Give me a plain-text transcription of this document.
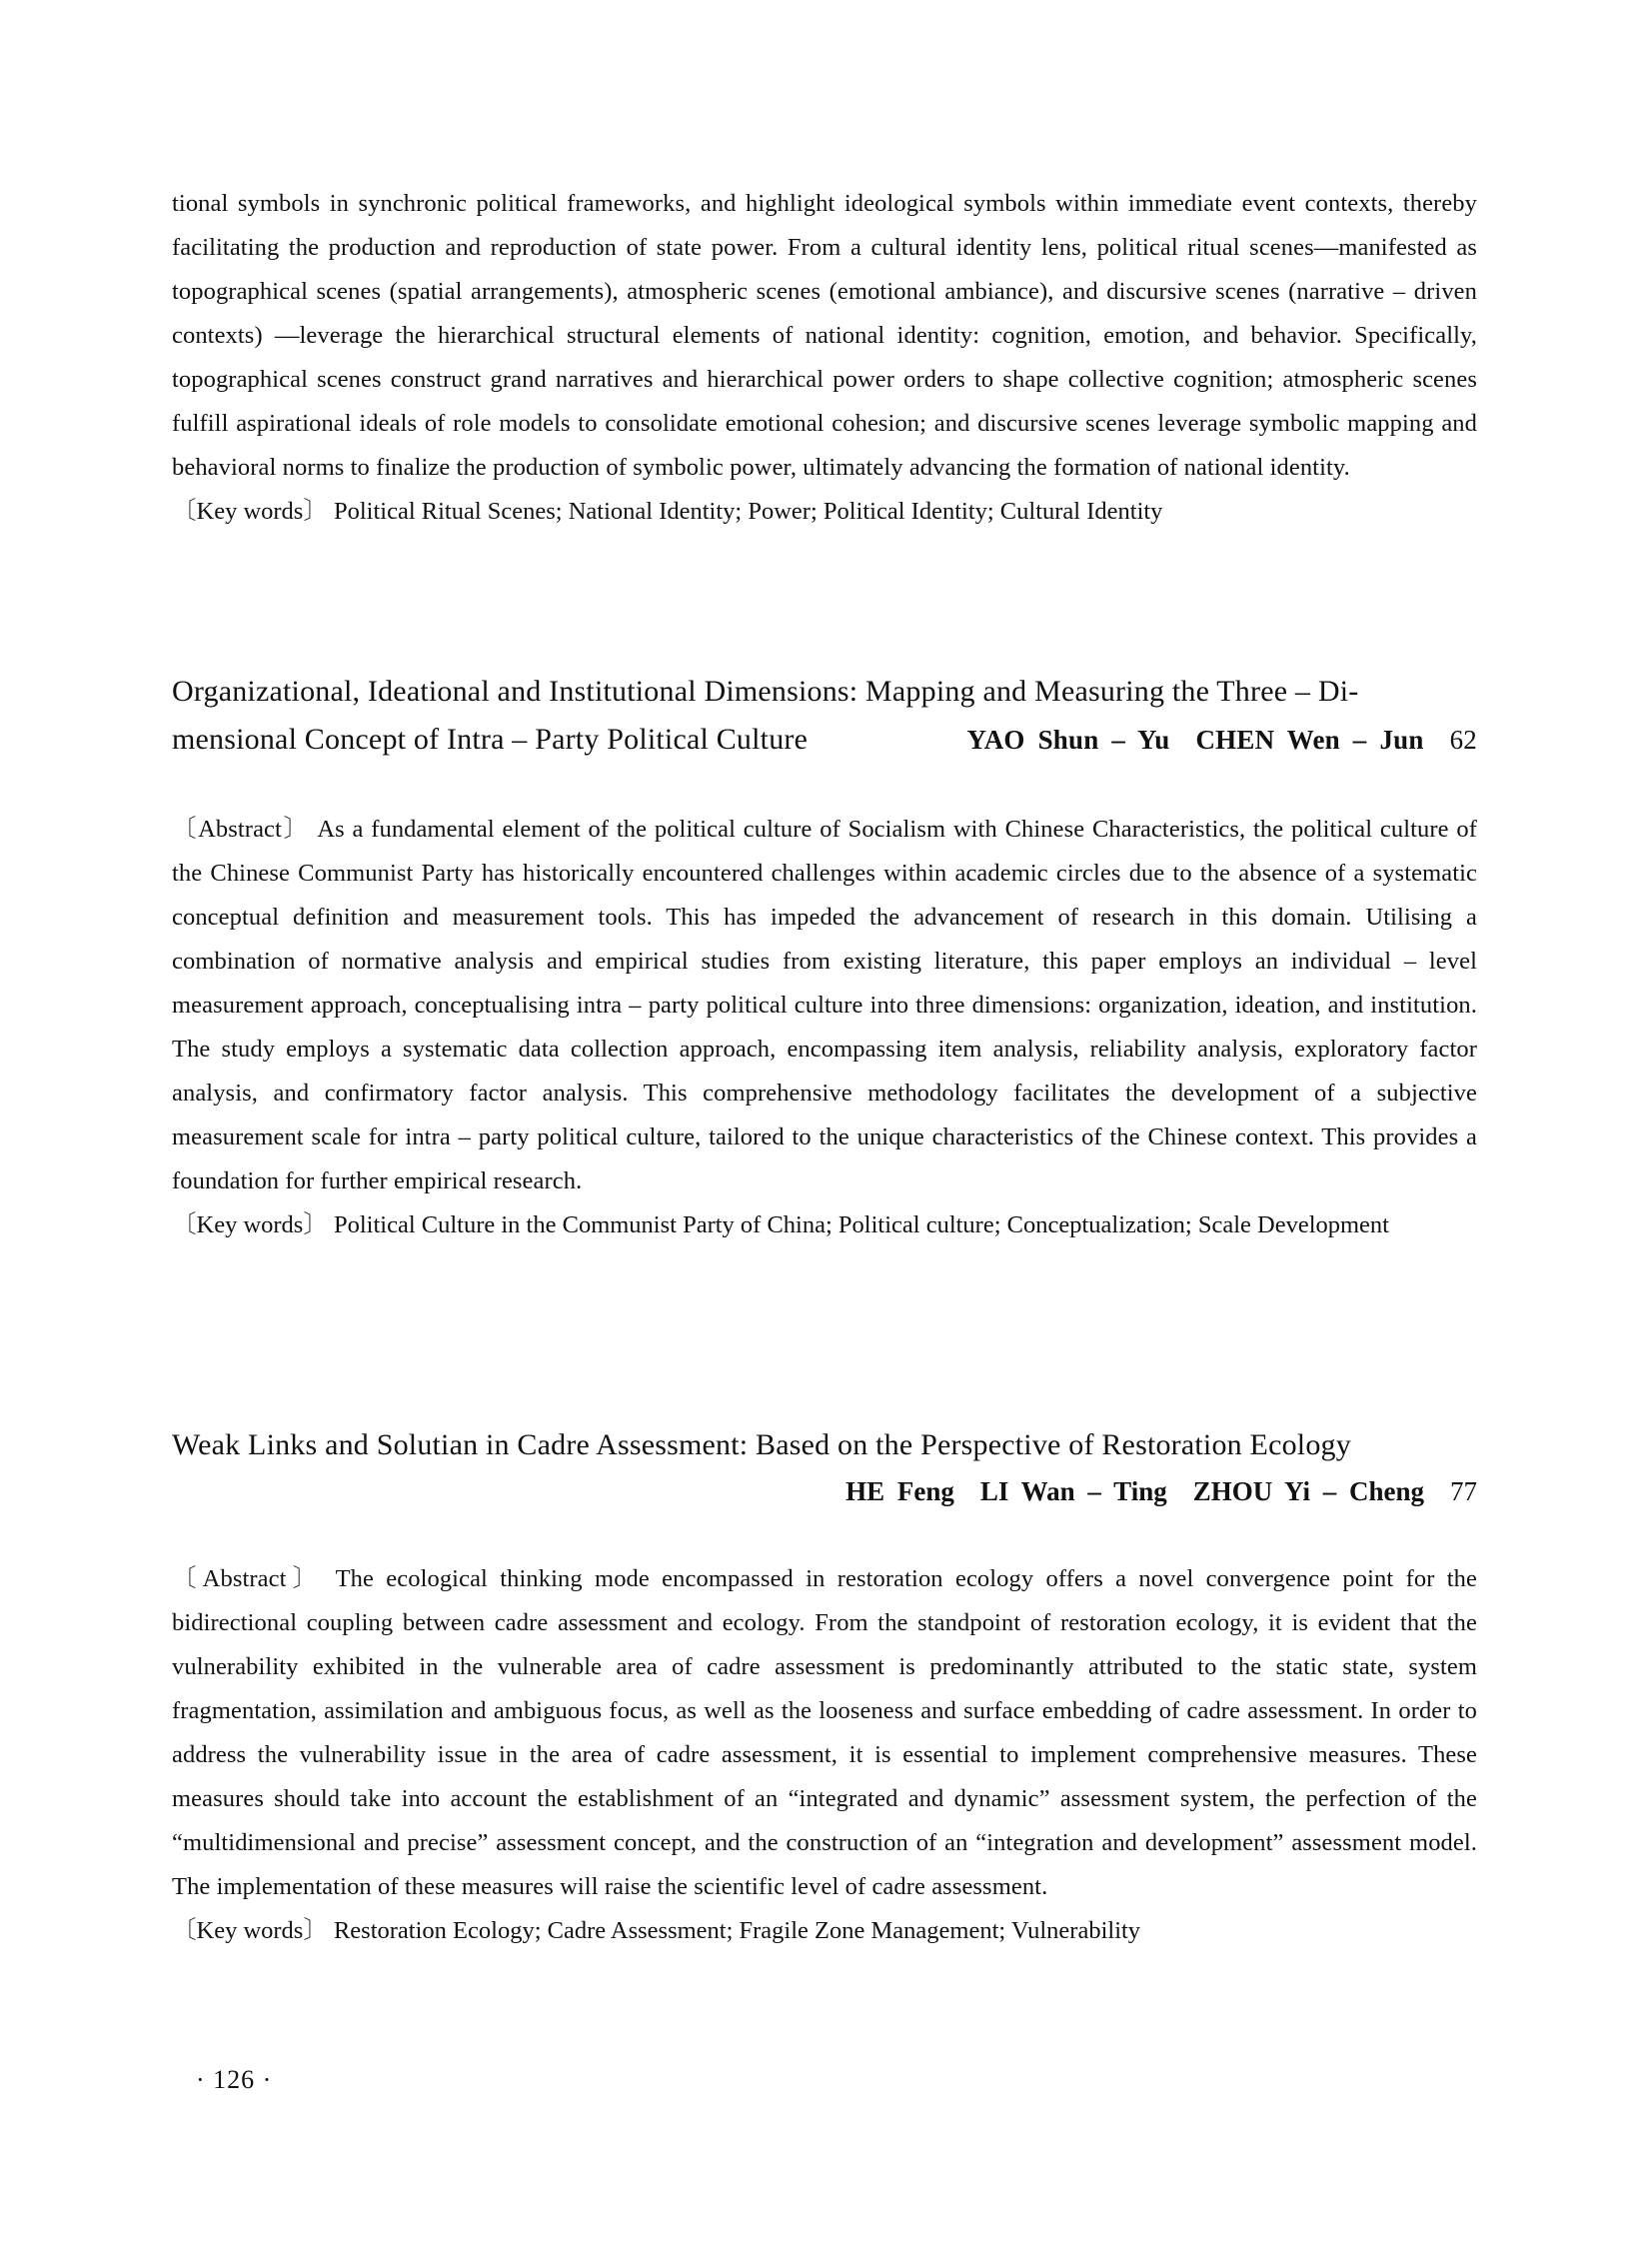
tional symbols in synchronic political frameworks, and highlight ideological symbols within immediate event contexts, thereby facilitating the production and reproduction of state power. From a cultural identity lens, political ritual scenes—manifested as topographical scenes (spatial arrangements), atmospheric scenes (emotional ambiance), and discursive scenes (narrative – driven contexts) —leverage the hierarchical structural elements of national identity: cognition, emotion, and behavior. Specifically, topographical scenes construct grand narratives and hierarchical power orders to shape collective cognition; atmospheric scenes fulfill aspirational ideals of role models to consolidate emotional cohesion; and discursive scenes leverage symbolic mapping and behavioral norms to finalize the production of symbolic power, ultimately advancing the formation of national identity.

〔Key words〕 Political Ritual Scenes; National Identity; Power; Political Identity; Cultural Identity

Organizational, Ideational and Institutional Dimensions: Mapping and Measuring the Three – Di-

mensional Concept of Intra – Party Political Culture	YAO Shun – Yu CHEN Wen – Jun 62

〔Abstract〕 As a fundamental element of the political culture of Socialism with Chinese Characteristics, the political culture of the Chinese Communist Party has historically encountered challenges within academic circles due to the absence of a systematic conceptual definition and measurement tools. This has impeded the advancement of research in this domain. Utilising a combination of normative analysis and empirical studies from existing literature, this paper employs an individual – level measurement approach, conceptualising intra – party political culture into three dimensions: organization, ideation, and institution. The study employs a systematic data collection approach, encompassing item analysis, reliability analysis, exploratory factor analysis, and confirmatory factor analysis. This comprehensive methodology facilitates the development of a subjective measurement scale for intra – party political culture, tailored to the unique characteristics of the Chinese context. This provides a foundation for further empirical research.

〔Key words〕 Political Culture in the Communist Party of China; Political culture; Conceptualization; Scale Development

Weak Links and Solutian in Cadre Assessment: Based on the Perspective of Restoration Ecology

HE Feng LI Wan – Ting ZHOU Yi – Cheng 77

〔Abstract〕 The ecological thinking mode encompassed in restoration ecology offers a novel convergence point for the bidirectional coupling between cadre assessment and ecology. From the standpoint of restoration ecology, it is evident that the vulnerability exhibited in the vulnerable area of cadre assessment is predominantly attributed to the static state, system fragmentation, assimilation and ambiguous focus, as well as the looseness and surface embedding of cadre assessment. In order to address the vulnerability issue in the area of cadre assessment, it is essential to implement comprehensive measures. These measures should take into account the establishment of an “integrated and dynamic” assessment system, the perfection of the “multidimensional and precise” assessment concept, and the construction of an “integration and development” assessment model. The implementation of these measures will raise the scientific level of cadre assessment.

〔Key words〕 Restoration Ecology; Cadre Assessment; Fragile Zone Management; Vulnerability

· 126 ·
